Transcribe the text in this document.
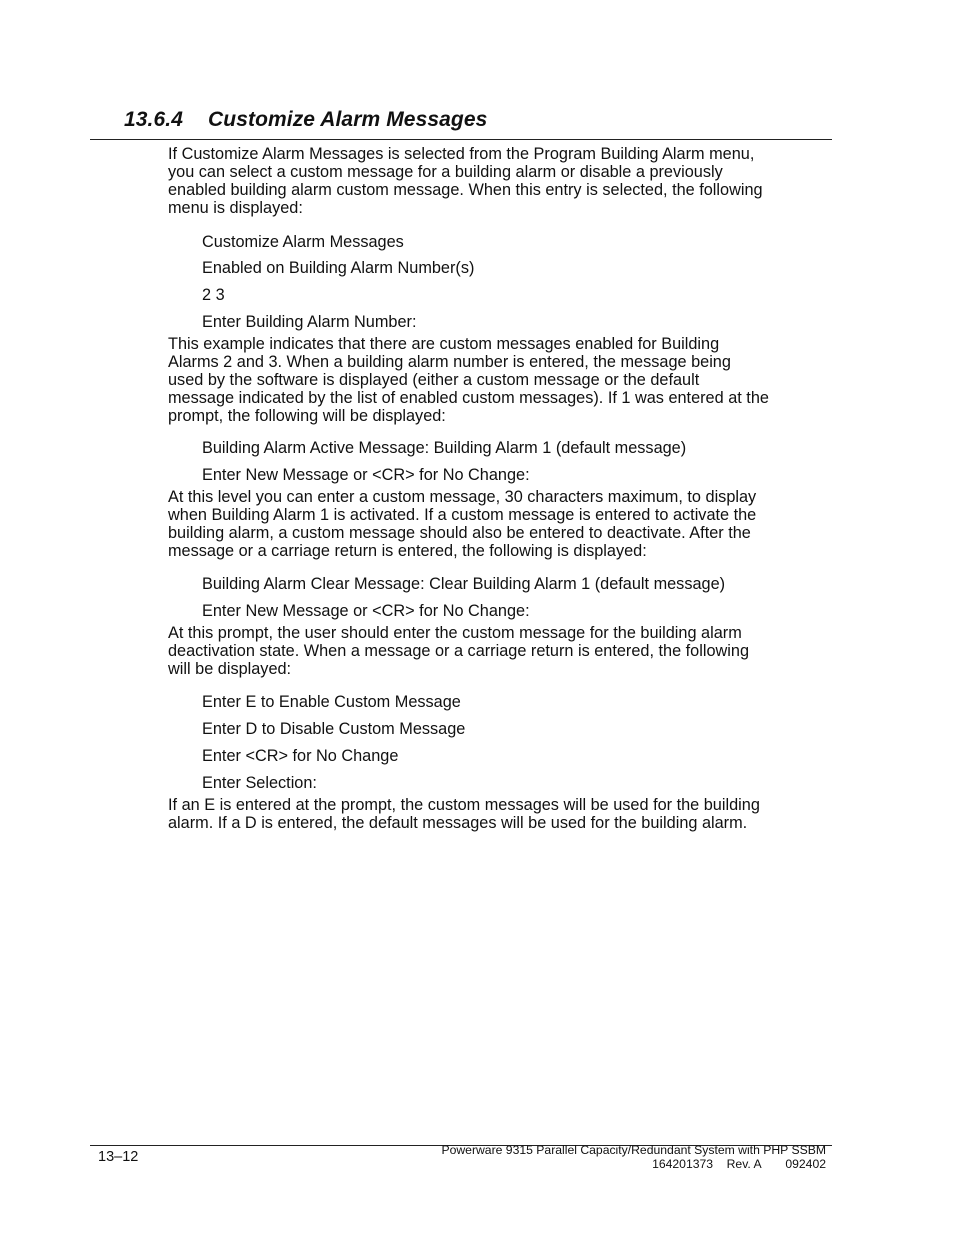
13.6.4 Customize Alarm Messages

If Customize Alarm Messages is selected from the Program Building Alarm menu,
you can select a custom message for a building alarm or disable a previously
enabled building alarm custom message. When this entry is selected, the following
menu is displayed:

Customize Alarm Messages
Enabled on Building Alarm Number(s)
2 3
Enter Building Alarm Number:

This example indicates that there are custom messages enabled for Building
Alarms 2 and 3. When a building alarm number is entered, the message being
used by the software is displayed (either a custom message or the default
message indicated by the list of enabled custom messages). If 1 was entered at the
prompt, the following will be displayed:

Building Alarm Active Message: Building Alarm 1 (default message)
Enter New Message or <CR> for No Change:

At this level you can enter a custom message, 30 characters maximum, to display
when Building Alarm 1 is activated. If a custom message is entered to activate the
building alarm, a custom message should also be entered to deactivate. After the
message or a carriage return is entered, the following is displayed:

Building Alarm Clear Message: Clear Building Alarm 1 (default message)
Enter New Message or <CR> for No Change:

At this prompt, the user should enter the custom message for the building alarm
deactivation state. When a message or a carriage return is entered, the following
will be displayed:

Enter E to Enable Custom Message
Enter D to Disable Custom Message
Enter <CR> for No Change
Enter Selection:

If an E is entered at the prompt, the custom messages will be used for the building
alarm. If a D is entered, the default messages will be used for the building alarm.

13–12	Powerware 9315 Parallel Capacity/Redundant System with PHP SSBM
164201373 Rev. A 092402
